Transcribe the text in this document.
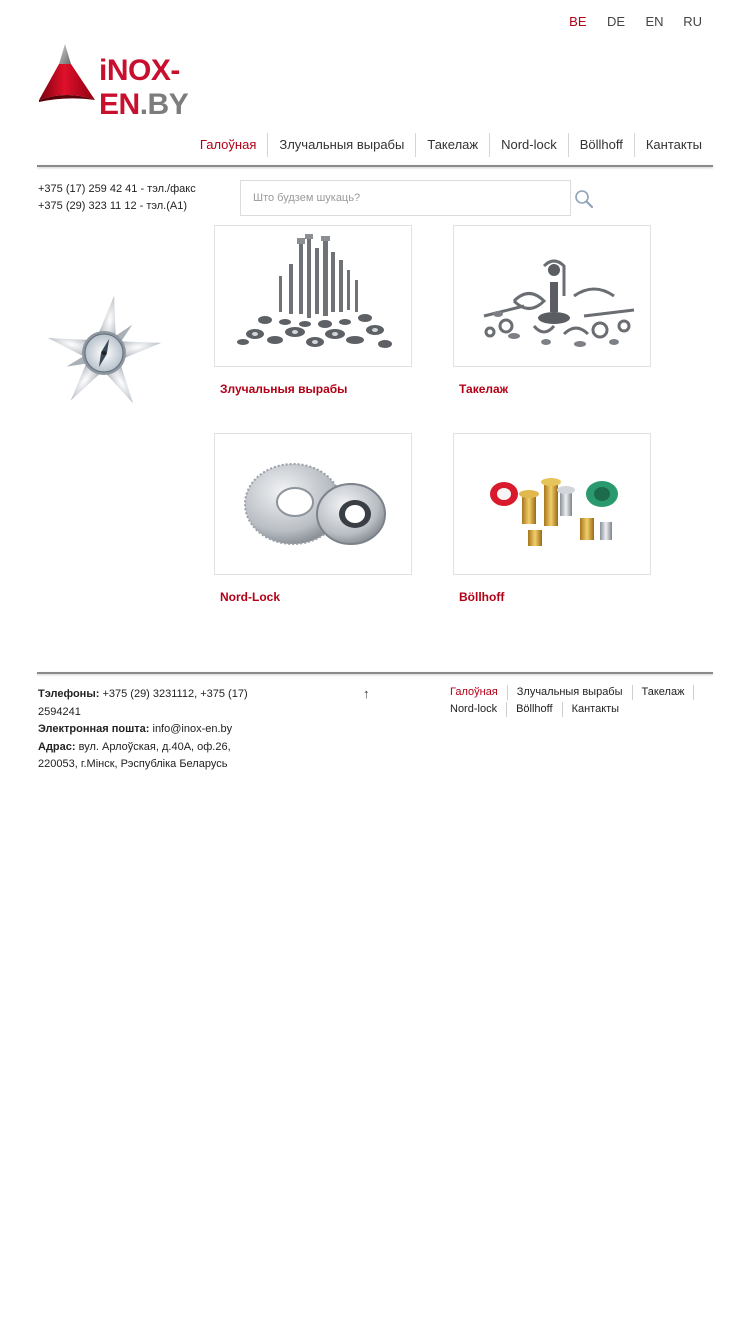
BE	DE	EN	RU
iNOX-EN.BY
Галоўная	Злучальныя вырабы	Такелаж	Nord-lock	Böllhoff	Кантакты
+375 (17) 259 42 41 - тэл./факс
+375 (29) 323 11 12 - тэл.(A1)
Што будзем шукаць?
Злучальныя вырабы	Такелаж
Nord-Lock	Böllhoff
Тэлефоны: +375 (29) 3231112, +375 (17) 2594241
Электронная пошта: info@inox-en.by
Адрас: вул. Арлоўская, д.40А, оф.26, 220053, г.Мінск, Рэспубліка Беларусь
↑	Галоўная	Злучальныя вырабы	Такелаж
Nord-lock	Böllhoff	Кантакты
